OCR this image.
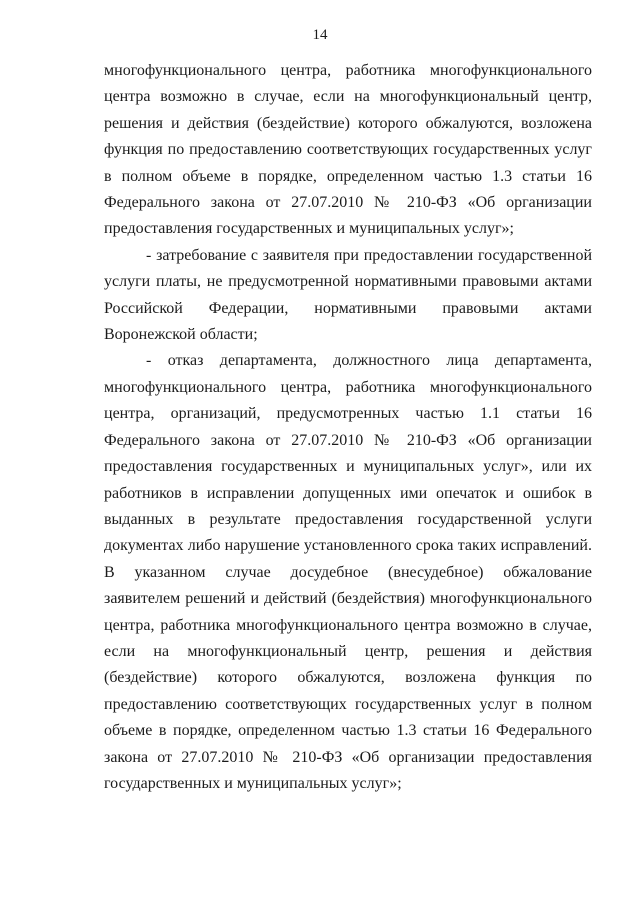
14

многофункционального центра, работника многофункционального центра возможно в случае, если на многофункциональный центр, решения и действия (бездействие) которого обжалуются, возложена функция по предоставлению соответствующих государственных услуг в полном объеме в порядке, определенном частью 1.3 статьи 16 Федерального закона от 27.07.2010 № 210-ФЗ «Об организации предоставления государственных и муниципальных услуг»;

- затребование с заявителя при предоставлении государственной услуги платы, не предусмотренной нормативными правовыми актами Российской Федерации, нормативными правовыми актами Воронежской области;

- отказ департамента, должностного лица департамента, многофункционального центра, работника многофункционального центра, организаций, предусмотренных частью 1.1 статьи 16 Федерального закона от 27.07.2010 № 210-ФЗ «Об организации предоставления государственных и муниципальных услуг», или их работников в исправлении допущенных ими опечаток и ошибок в выданных в результате предоставления государственной услуги документах либо нарушение установленного срока таких исправлений. В указанном случае досудебное (внесудебное) обжалование заявителем решений и действий (бездействия) многофункционального центра, работника многофункционального центра возможно в случае, если на многофункциональный центр, решения и действия (бездействие) которого обжалуются, возложена функция по предоставлению соответствующих государственных услуг в полном объеме в порядке, определенном частью 1.3 статьи 16 Федерального закона от 27.07.2010 № 210-ФЗ «Об организации предоставления государственных и муниципальных услуг»;
